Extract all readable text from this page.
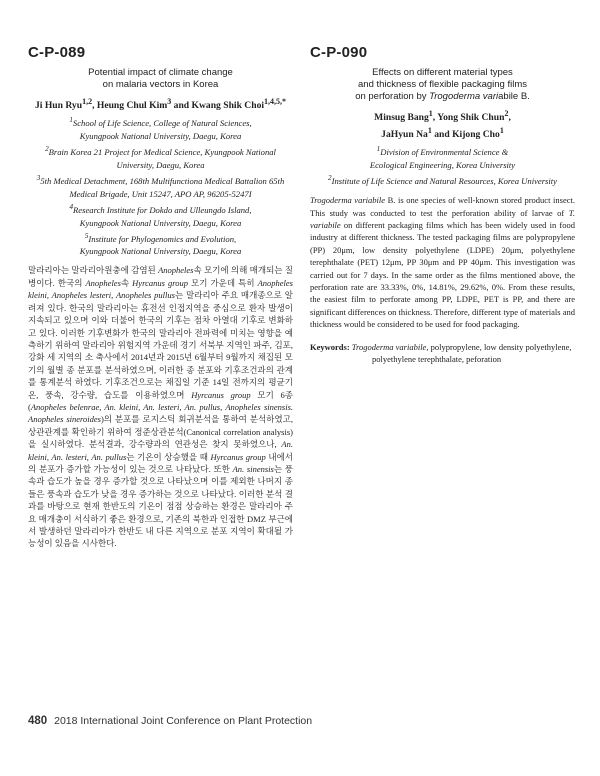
C-P-089

Potential impact of climate change
on malaria vectors in Korea

Ji Hun Ryu$^{1,2}$, Heung Chul Kim$^3$ and Kwang Shik Choi$^{1,4,5,*}$

$^1$School of Life Science, College of Natural Sciences,
Kyungpook National University, Daegu, Korea
$^2$Brain Korea 21 Project for Medical Science, Kyungpook National
University, Daegu, Korea
$^3$5th Medical Detachment, 168th Multifunctiona Medical Battalion 65th
Medical Brigade, Unit 15247, APO AP, 96205-5247I
$^4$Research Institute for Dokdo and Ulleungdo Island,
Kyungpook National University, Daegu, Korea
$^5$Institute for Phylogenomics and Evolution,
Kyungpook National University, Daegu, Korea

말라리아는 말라리아원충에 감염된 Anopheles속 모기에 의해 매개되는 질병이다. 한국의 Anopheles속 Hyrcanus group 모기 가운데 특히 Anopheles kleini, Anopheles lesteri, Anopheles pullus는 말라리아 주요 매개종으로 알려져 있다. 한국의 말라리아는 휴전선 인접지역을 중심으로 환자 발생이 지속되고 있으며 이와 더불어 한국의 기후는 점차 아열대 기후로 변화하고 있다. 이러한 기후변화가 한국의 말라리아 전파력에 미치는 영향을 예측하기 위하여 말라리아 위험지역 가운데 경기 서북부 지역인 파주, 김포, 강화 세 지역의 소 축사에서 2014년과 2015년 6월부터 9월까지 채집된 모기의 월별 종 분포를 분석하였으며, 이러한 종 분포와 기후조건과의 관계를 통계분석 하였다. 기후조건으로는 채집일 기준 14일 전까지의 평균기온, 풍속, 강수량, 습도를 이용하였으며 Hyrcanus group 모기 6종(Anopheles belenrae, An. kleini, An. lesteri, An. pullus, Anopheles sinensis. Anopheles sineroides)의 분포를 로지스틱 회귀분석을 통하여 분석하였고, 상관관계를 확인하기 위하여 정준상관분석(Canonical correlation analysis)을 실시하였다. 분석결과, 강수량과의 연관성은 찾지 못하였으나, An. kleini, An. lesteri, An. pullus는 기온이 상승했을 때 Hyrcanus group 내에서의 분포가 증가할 가능성이 있는 것으로 나타났다. 또한 An. sinensis는 풍속과 습도가 높을 경우 증가할 것으로 나타났으며 이를 제외한 나머지 종들은 풍속과 습도가 낮을 경우 증가하는 것으로 나타났다. 이러한 분석 결과를 바탕으로 현재 한반도의 기온이 점점 상승하는 환경은 말라리아 주요 매개충이 서식하기 좋은 환경으로, 기존의 북한과 인접한 DMZ 부근에서 발생하던 말라리아가 한반도 내 다른 지역으로 분포 지역이 확대될 가능성이 있음을 시사한다.

C-P-090

Effects on different material types
and thickness of flexible packaging films
on perforation by Trogoderma variabile B.

Minsug Bang$^1$, Yong Shik Chun$^2$,
JaHyun Na$^1$ and Kijong Cho$^1$

$^1$Division of Environmental Science &
Ecological Engineering, Korea University
$^2$Institute of Life Science and Natural Resources, Korea University

Trogoderma variabile B. is one species of well-known stored product insect. This study was conducted to test the perforation ability of larvae of T. variabile on different packaging films which has been widely used in food industry at different thickness. The tested packaging films are polypropylene (PP) 20μm, low density polyethylene (LDPE) 20μm, polyethylene terephthalate (PET) 12μm, PP 30μm and PP 40μm. This investigation was carried out for 7 days. In the same order as the films mentioned above, the perforation rate are 33.33%, 0%, 14.81%, 29.62%, 0%. From these results, the easiest film to perforate among PP, LDPE, PET is PP, and there are significant differences on thickness. Therefore, different type of materials and thickness would be considered to be used for food packaging.

Keywords: Trogoderma variabile, polypropylene, low density polyethylene, polyethylene terephthalate, peforation

480 2018 International Joint Conference on Plant Protection
